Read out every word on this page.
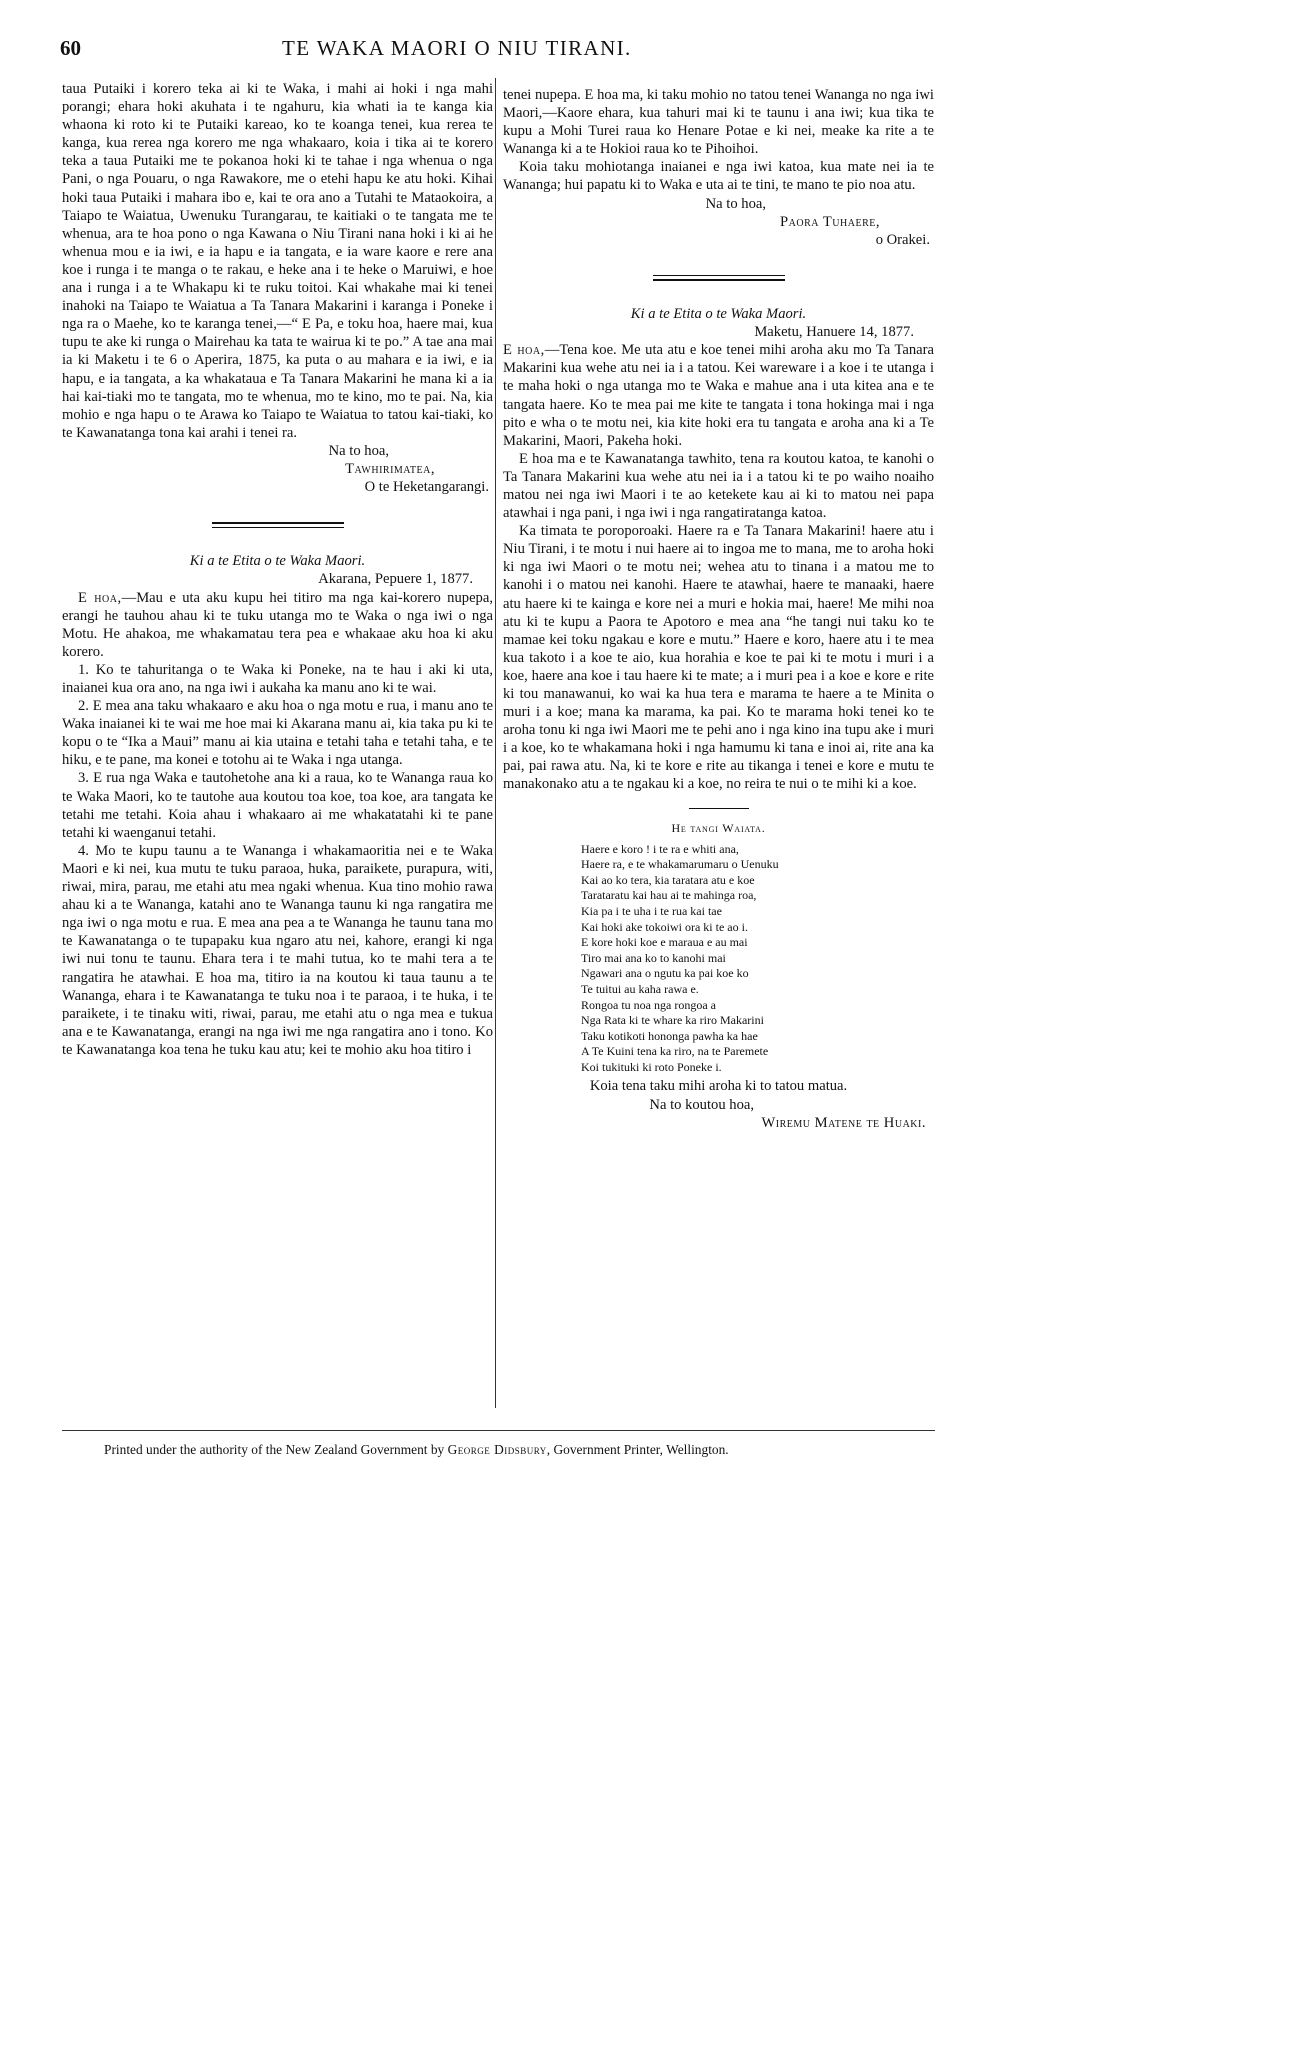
60	TE WAKA MAORI O NIU TIRANI.

taua Putaiki i korero teka ai ki te Waka, i mahi ai hoki i nga mahi porangi; ehara hoki akuhata i te ngahuru, kia whati ia te kanga kia whaona ki roto ki te Putaiki kareao, ko te koanga tenei, kua rerea te kanga, kua rerea nga korero me nga whakaaro, koia i tika ai te korero teka a taua Putaiki me te pokanoa hoki ki te tahae i nga whenua o nga Pani, o nga Pouaru, o nga Rawakore, me o etehi hapu ke atu hoki. Kihai hoki taua Putaiki i mahara ibo e, kai te ora ano a Tutahi te Mataokoira, a Taiapo te Waiatua, Uwenuku Turangarau, te kaitiaki o te tangata me te whenua, ara te hoa pono o nga Kawana o Niu Tirani nana hoki i ki ai he whenua mou e ia iwi, e ia hapu e ia tangata, e ia ware kaore e rere ana koe i runga i te manga o te rakau, e heke ana i te heke o Maruiwi, e hoe ana i runga i a te Whakapu ki te ruku toitoi. Kai whakahe mai ki tenei inahoki na Taiapo te Waiatua a Ta Tanara Makarini i karanga i Poneke i nga ra o Maehe, ko te karanga tenei,—“ E Pa, e toku hoa, haere mai, kua tupu te ake ki runga o Mairehau ka tata te wairua ki te po.” A tae ana mai ia ki Maketu i te 6 o Aperira, 1875, ka puta o au mahara e ia iwi, e ia hapu, e ia tangata, a ka whakataua e Ta Tanara Makarini he mana ki a ia hai kai-tiaki mo te tangata, mo te whenua, mo te kino, mo te pai. Na, kia mohio e nga hapu o te Arawa ko Taiapo te Waiatua to tatou kai-tiaki, ko te Kawanatanga tona kai arahi i tenei ra.

Na to hoa,

Tawhirimatea,

O te Heketangarangi.

Ki a te Etita o te Waka Maori.

Akarana, Pepuere 1, 1877.

E hoa,—Mau e uta aku kupu hei titiro ma nga kai-korero nupepa, erangi he tauhou ahau ki te tuku utanga mo te Waka o nga iwi o nga Motu. He ahakoa, me whakamatau tera pea e whakaae aku hoa ki aku korero.

1. Ko te tahuritanga o te Waka ki Poneke, na te hau i aki ki uta, inaianei kua ora ano, na nga iwi i aukaha ka manu ano ki te wai.

2. E mea ana taku whakaaro e aku hoa o nga motu e rua, i manu ano te Waka inaianei ki te wai me hoe mai ki Akarana manu ai, kia taka pu ki te kopu o te “Ika a Maui” manu ai kia utaina e tetahi taha e tetahi taha, e te hiku, e te pane, ma konei e totohu ai te Waka i nga utanga.

3. E rua nga Waka e tautohetohe ana ki a raua, ko te Wananga raua ko te Waka Maori, ko te tautohe aua koutou toa koe, toa koe, ara tangata ke tetahi me tetahi. Koia ahau i whakaaro ai me whakatatahi ki te pane tetahi ki waenganui tetahi.

4. Mo te kupu taunu a te Wananga i whakamaoritia nei e te Waka Maori e ki nei, kua mutu te tuku paraoa, huka, paraikete, purapura, witi, riwai, mira, parau, me etahi atu mea ngaki whenua. Kua tino mohio rawa ahau ki a te Wananga, katahi ano te Wananga taunu ki nga rangatira me nga iwi o nga motu e rua. E mea ana pea a te Wananga he taunu tana mo te Kawanatanga o te tupapaku kua ngaro atu nei, kahore, erangi ki nga iwi nui tonu te taunu. Ehara tera i te mahi tutua, ko te mahi tera a te rangatira he atawhai. E hoa ma, titiro ia na koutou ki taua taunu a te Wananga, ehara i te Kawanatanga te tuku noa i te paraoa, i te huka, i te paraikete, i te tinaku witi, riwai, parau, me etahi atu o nga mea e tukua ana e te Kawanatanga, erangi na nga iwi me nga rangatira ano i tono. Ko te Kawanatanga koa tena he tuku kau atu; kei te mohio aku hoa titiro i

tenei nupepa. E hoa ma, ki taku mohio no tatou tenei Wananga no nga iwi Maori,—Kaore ehara, kua tahuri mai ki te taunu i ana iwi; kua tika te kupu a Mohi Turei raua ko Henare Potae e ki nei, meake ka rite a te Wananga ki a te Hokioi raua ko te Pihoihoi.

Koia taku mohiotanga inaianei e nga iwi katoa, kua mate nei ia te Wananga; hui papatu ki to Waka e uta ai te tini, te mano te pio noa atu.

Na to hoa,

Paora Tuhaere,

o Orakei.

Ki a te Etita o te Waka Maori.

Maketu, Hanuere 14, 1877.

E hoa,—Tena koe. Me uta atu e koe tenei mihi aroha aku mo Ta Tanara Makarini kua wehe atu nei ia i a tatou. Kei wareware i a koe i te utanga i te maha hoki o nga utanga mo te Waka e mahue ana i uta kitea ana e te tangata haere. Ko te mea pai me kite te tangata i tona hokinga mai i nga pito e wha o te motu nei, kia kite hoki era tu tangata e aroha ana ki a Te Makarini, Maori, Pakeha hoki.

E hoa ma e te Kawanatanga tawhito, tena ra koutou katoa, te kanohi o Ta Tanara Makarini kua wehe atu nei ia i a tatou ki te po waiho noaiho matou nei nga iwi Maori i te ao ketekete kau ai ki to matou nei papa atawhai i nga pani, i nga iwi i nga rangatiratanga katoa.

Ka timata te poroporoaki. Haere ra e Ta Tanara Makarini! haere atu i Niu Tirani, i te motu i nui haere ai to ingoa me to mana, me to aroha hoki ki nga iwi Maori o te motu nei; wehea atu to tinana i a matou me to kanohi i o matou nei kanohi. Haere te atawhai, haere te manaaki, haere atu haere ki te kainga e kore nei a muri e hokia mai, haere! Me mihi noa atu ki te kupu a Paora te Apotoro e mea ana “he tangi nui taku ko te mamae kei toku ngakau e kore e mutu.” Haere e koro, haere atu i te mea kua takoto i a koe te aio, kua horahia e koe te pai ki te motu i muri i a koe, haere ana koe i tau haere ki te mate; a i muri pea i a koe e kore e rite ki tou manawanui, ko wai ka hua tera e marama te haere a te Minita o muri i a koe; mana ka marama, ka pai. Ko te marama hoki tenei ko te aroha tonu ki nga iwi Maori me te pehi ano i nga kino ina tupu ake i muri i a koe, ko te whakamana hoki i nga hamumu ki tana e inoi ai, rite ana ka pai, pai rawa atu. Na, ki te kore e rite au tikanga i tenei e kore e mutu te manakonako atu a te ngakau ki a koe, no reira te nui o te mihi ki a koe.

He tangi Waiata.

Haere e koro ! i te ra e whiti ana,
Haere ra, e te whakamarumaru o Uenuku
Kai ao ko tera, kia taratara atu e koe
Tarataratu kai hau ai te mahinga roa,
Kia pa i te uha i te rua kai tae
Kai hoki ake tokoiwi ora ki te ao i.
E kore hoki koe e maraua e au mai
Tiro mai ana ko to kanohi mai
Ngawari ana o ngutu ka pai koe ko
Te tuitui au kaha rawa e.
Rongoa tu noa nga rongoa a
Nga Rata ki te whare ka riro Makarini
Taku kotikoti hononga pawha ka hae
A Te Kuini tena ka riro, na te Paremete
Koi tukituki ki roto Poneke i.

Koia tena taku mihi aroha ki to tatou matua.

Na to koutou hoa,

Wiremu Matene te Huaki.

Printed under the authority of the New Zealand Government by George Didsbury, Government Printer, Wellington.
